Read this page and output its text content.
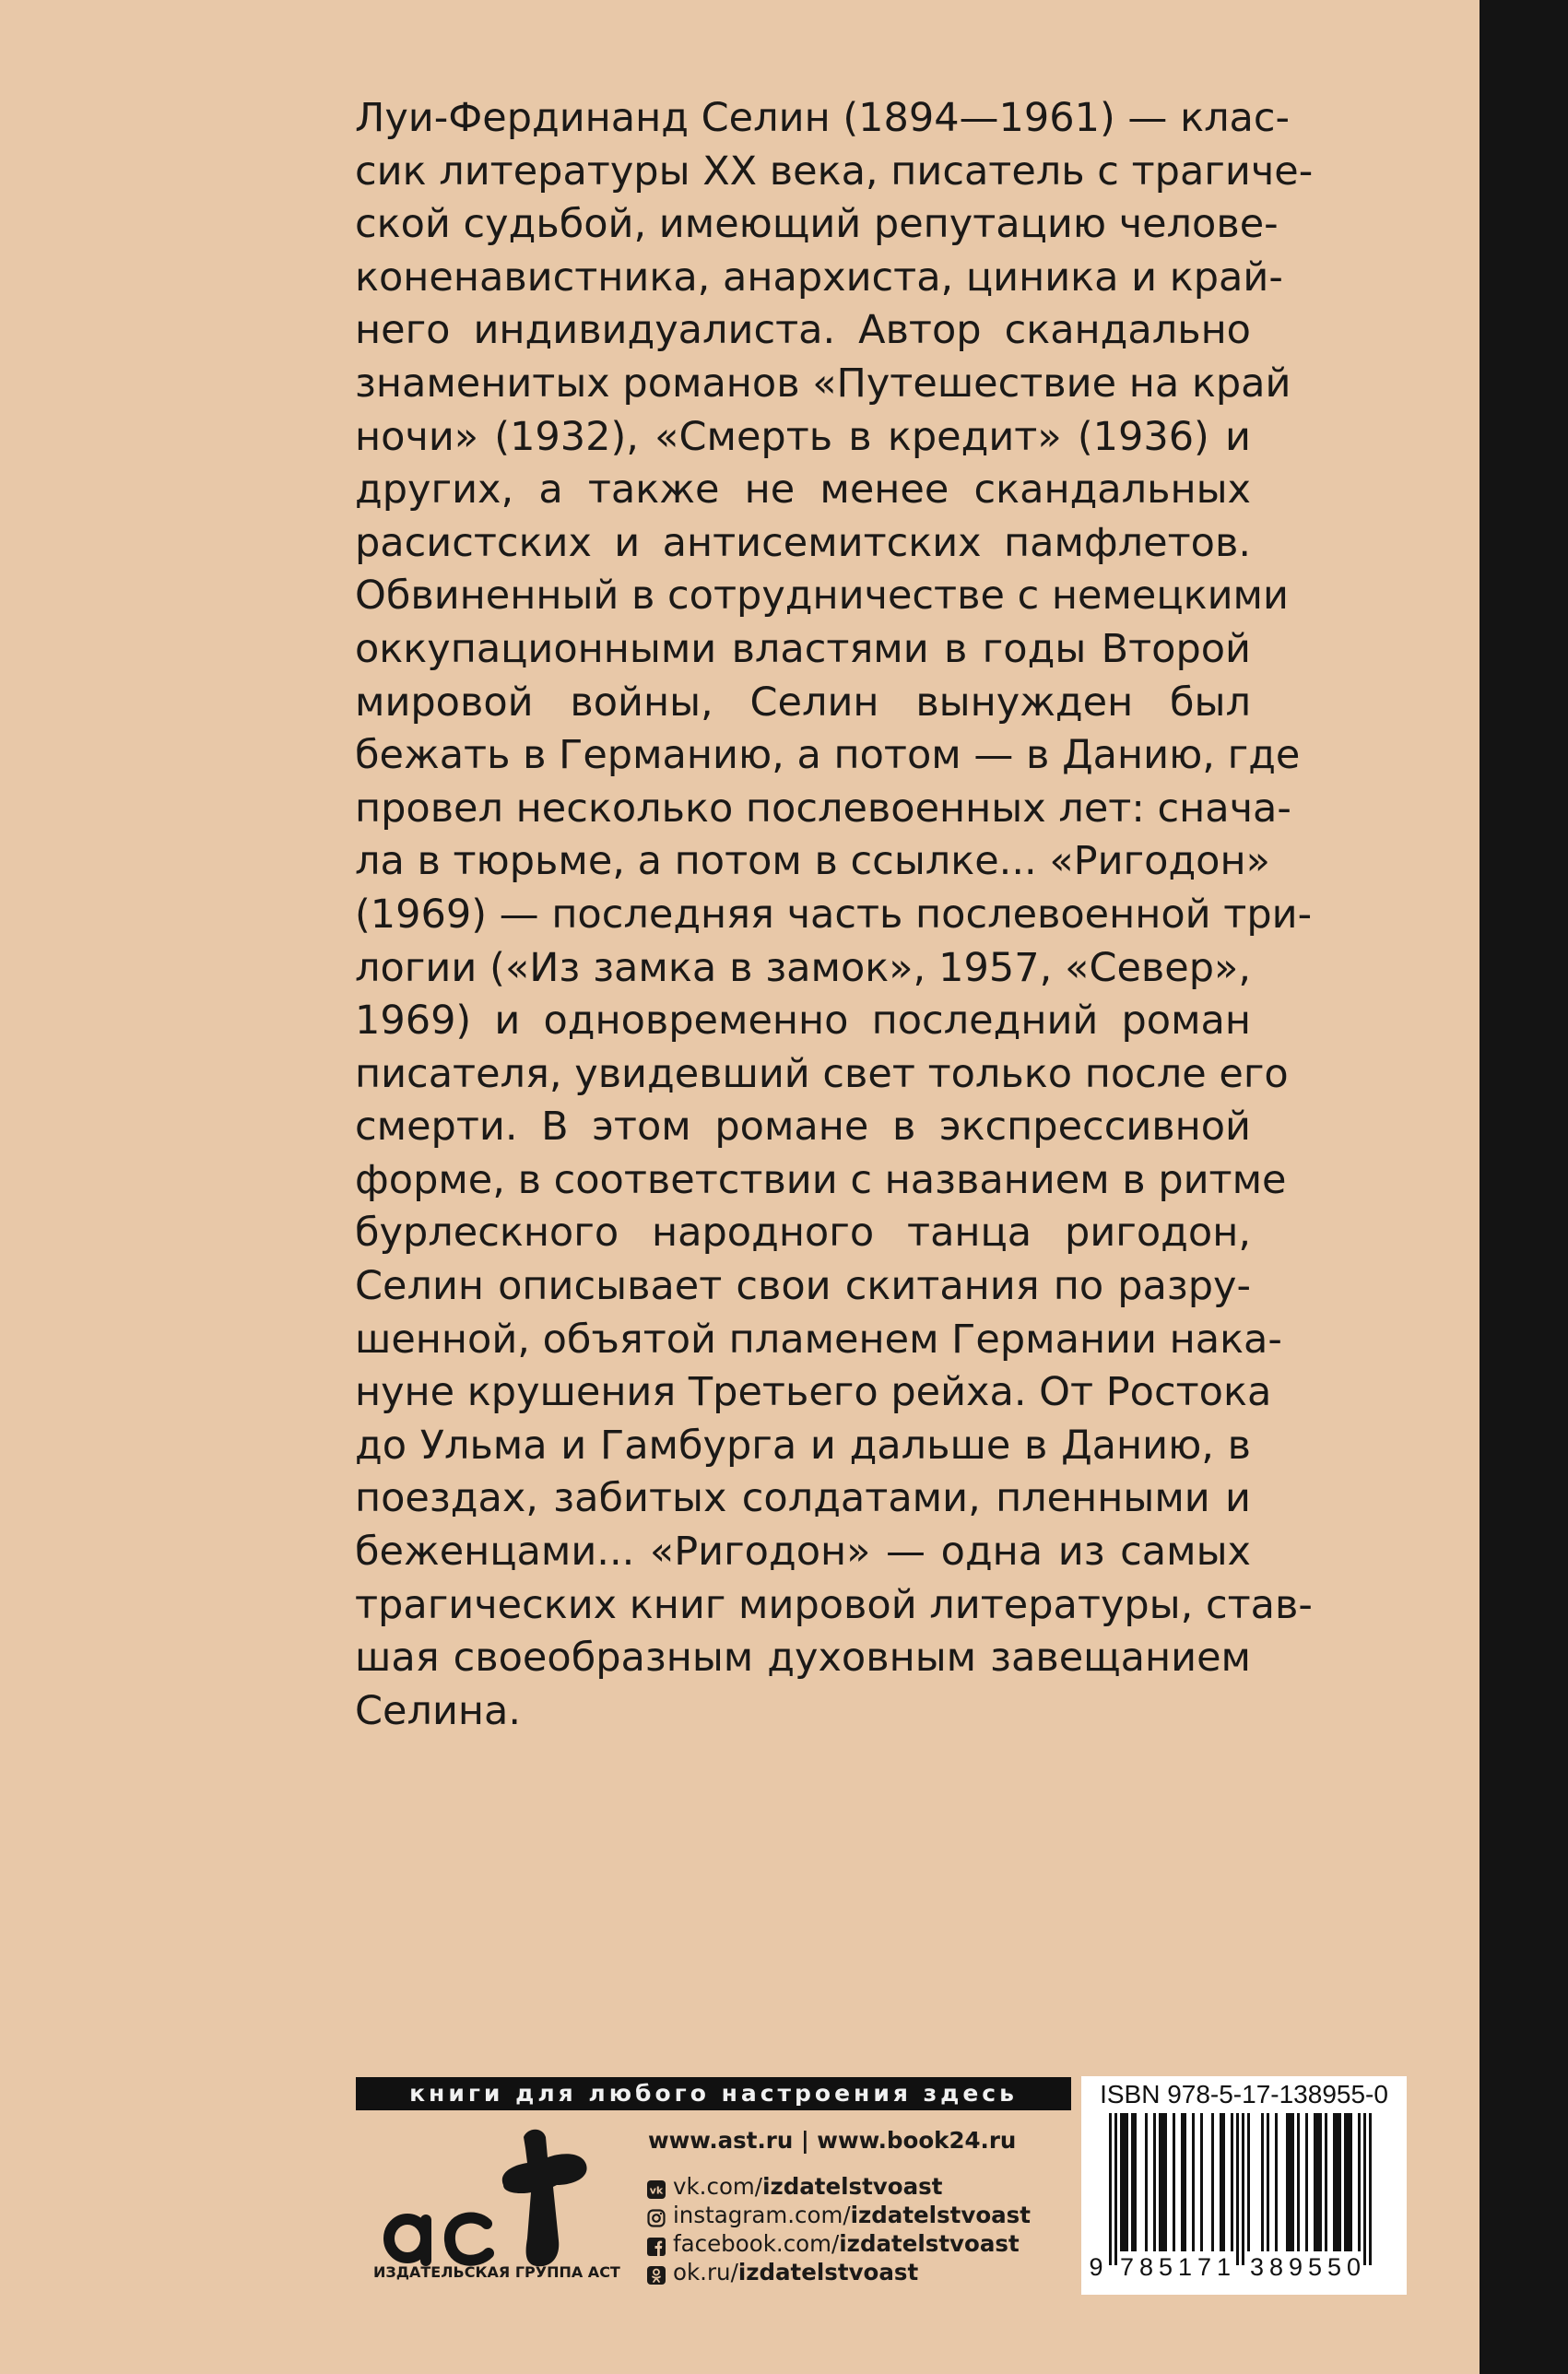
Луи-Фердинанд Селин (1894—1961) — клас-
сик литературы ХХ века, писатель с трагиче-
ской судьбой, имеющий репутацию челове-
коненавистника, анархиста, циника и край-
него индивидуалиста. Автор скандально
знаменитых романов «Путешествие на край
ночи» (1932), «Смерть в кредит» (1936) и
других, а также не менее скандальных
расистских и антисемитских памфлетов.
Обвиненный в сотрудничестве с немецкими
оккупационными властями в годы Второй
мировой войны, Селин вынужден был
бежать в Германию, а потом — в Данию, где
провел несколько послевоенных лет: снача-
ла в тюрьме, а потом в ссылке... «Ригодон»
(1969) — последняя часть послевоенной три-
логии («Из замка в замок», 1957, «Север»,
1969) и одновременно последний роман
писателя, увидевший свет только после его
смерти. В этом романе в экспрессивной
форме, в соответствии с названием в ритме
бурлескного народного танца ригодон,
Селин описывает свои скитания по разру-
шенной, объятой пламенем Германии нака-
нуне крушения Третьего рейха. От Ростока
до Ульма и Гамбурга и дальше в Данию, в
поездах, забитых солдатами, пленными и
беженцами... «Ригодон» — одна из самых
трагических книг мировой литературы, став-
шая своеобразным духовным завещанием
Селина.
книги для любого настроения здесь
ИЗДАТЕЛЬСКАЯ ГРУППА АСТ
www.ast.ru | www.book24.ru
vk vk.com/ izdatelstvoast
instagram.com/ izdatelstvoast
facebook.com/ izdatelstvoast
ok.ru/ izdatelstvoast
ISBN 978-5-17-138955-0
9 7 8 5 1 7 1 3 8 9 5 5 0
